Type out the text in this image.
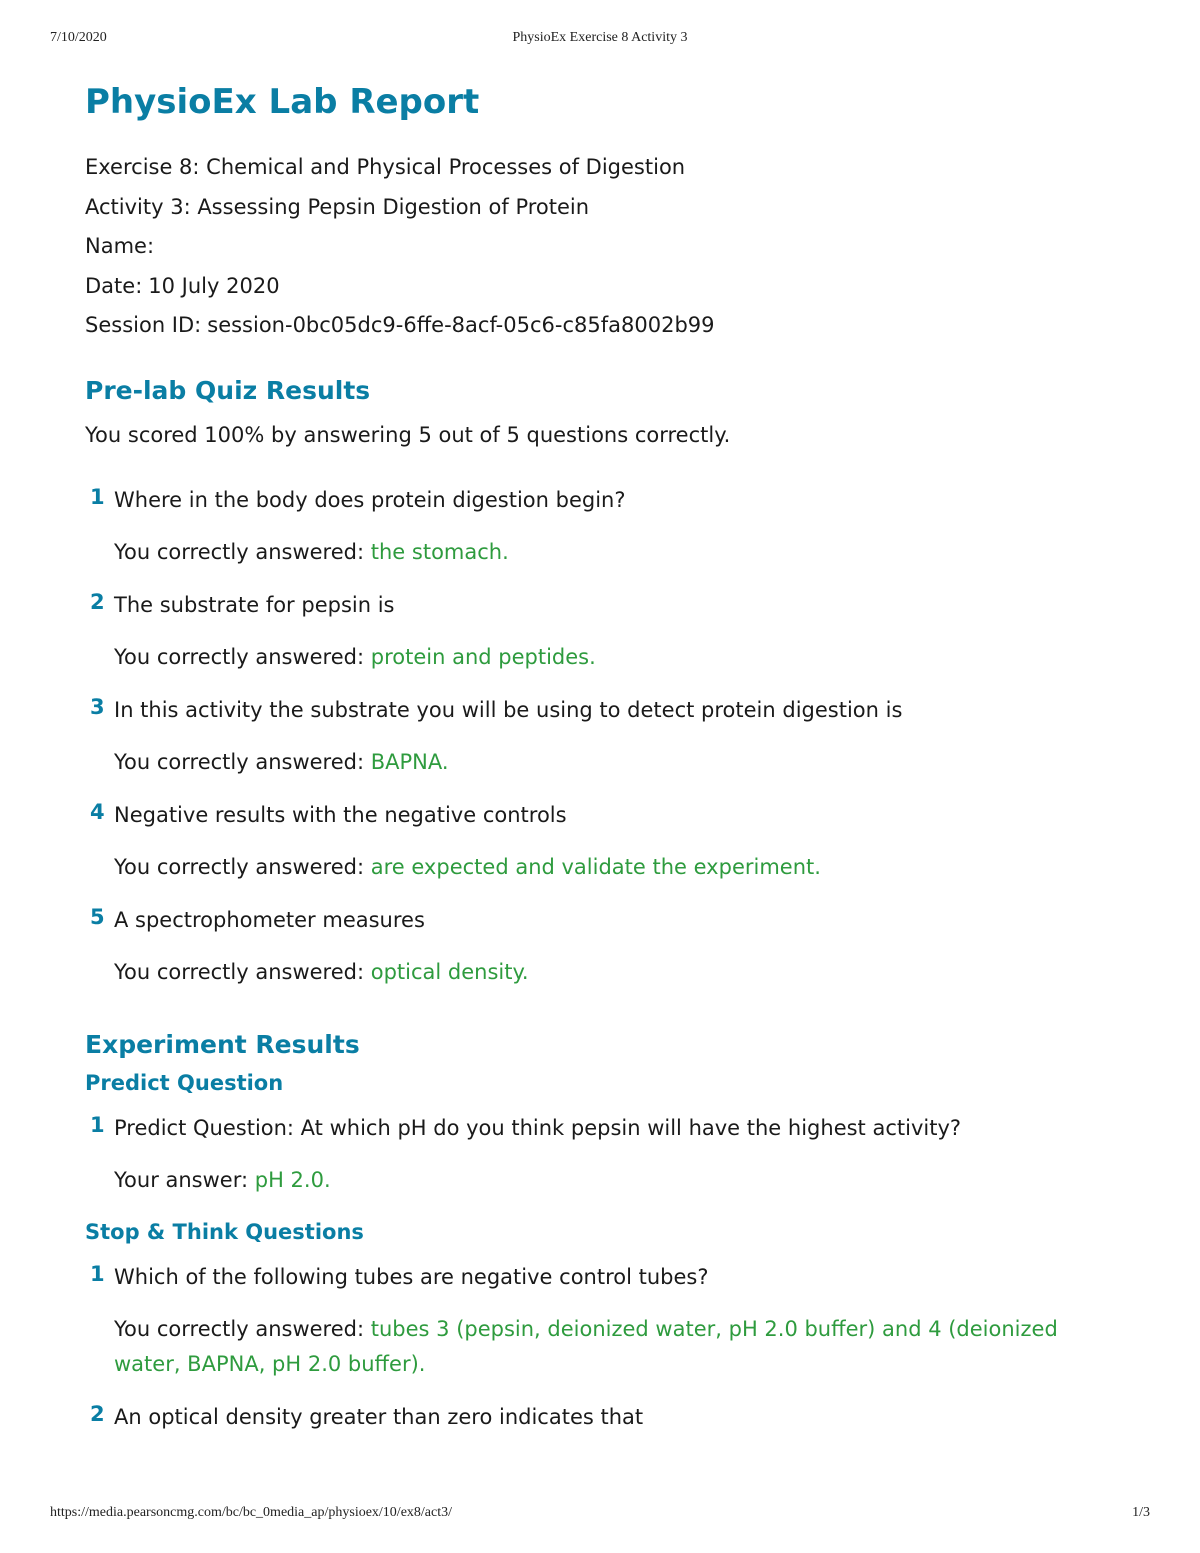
7/10/2020	PhysioEx Exercise 8 Activity 3
PhysioEx Lab Report
Exercise 8: Chemical and Physical Processes of Digestion
Activity 3: Assessing Pepsin Digestion of Protein
Name:
Date: 10 July 2020
Session ID: session-0bc05dc9-6ffe-8acf-05c6-c85fa8002b99
Pre-lab Quiz Results
You scored 100% by answering 5 out of 5 questions correctly.
1 Where in the body does protein digestion begin?
You correctly answered: the stomach.
2 The substrate for pepsin is
You correctly answered: protein and peptides.
3 In this activity the substrate you will be using to detect protein digestion is
You correctly answered: BAPNA.
4 Negative results with the negative controls
You correctly answered: are expected and validate the experiment.
5 A spectrophometer measures
You correctly answered: optical density.
Experiment Results
Predict Question
1 Predict Question: At which pH do you think pepsin will have the highest activity?
Your answer: pH 2.0.
Stop & Think Questions
1 Which of the following tubes are negative control tubes?
You correctly answered: tubes 3 (pepsin, deionized water, pH 2.0 buffer) and 4 (deionized water, BAPNA, pH 2.0 buffer).
2 An optical density greater than zero indicates that
https://media.pearsoncmg.com/bc/bc_0media_ap/physioex/10/ex8/act3/	1/3
